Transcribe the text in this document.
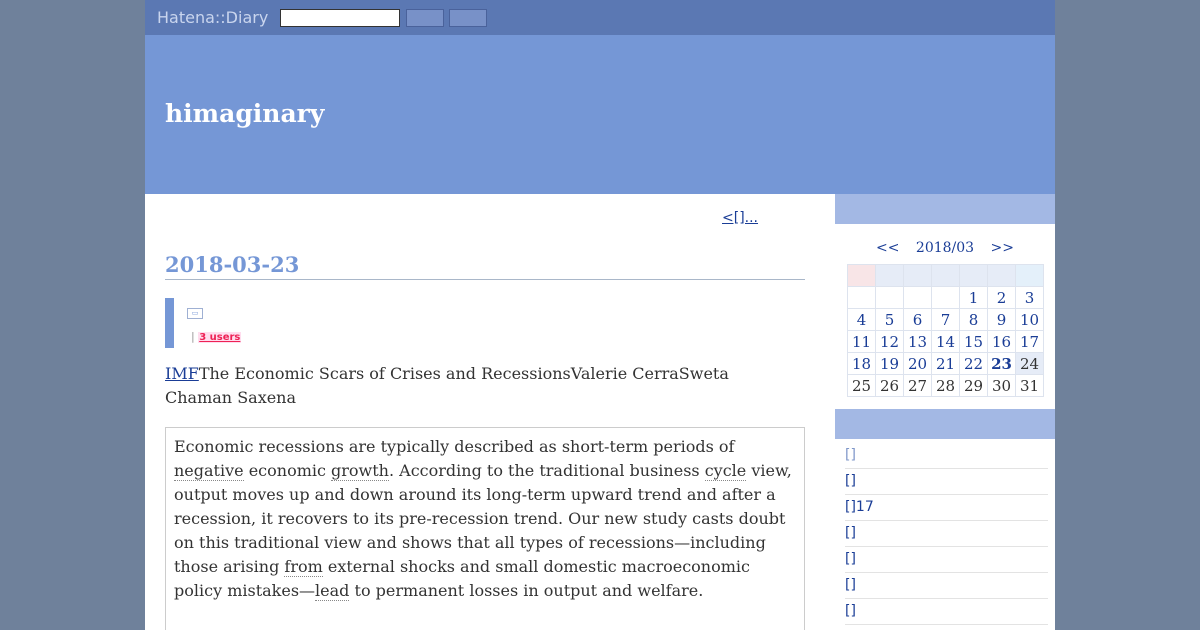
Hatena::Diary
himaginary
<[]...
2018-03-23
▭
| 3 users
IMFThe Economic Scars of Crises and RecessionsValerie CerraSweta Chaman Saxena
Economic recessions are typically described as short-term periods of negative economic growth. According to the traditional business cycle view, output moves up and down around its long-term upward trend and after a recession, it recovers to its pre-recession trend. Our new study casts doubt on this traditional view and shows that all types of recessions—including those arising from external shocks and small domestic macroeconomic policy mistakes—lead to permanent losses in output and welfare.
<< 2018/03 >>

				1	2	3
4	5	6	7	8	9	10
11	12	13	14	15	16	17
18	19	20	21	22	23	24
25	26	27	28	29	30	31
[]
[]
[]17
[]
[]
[]
[]
